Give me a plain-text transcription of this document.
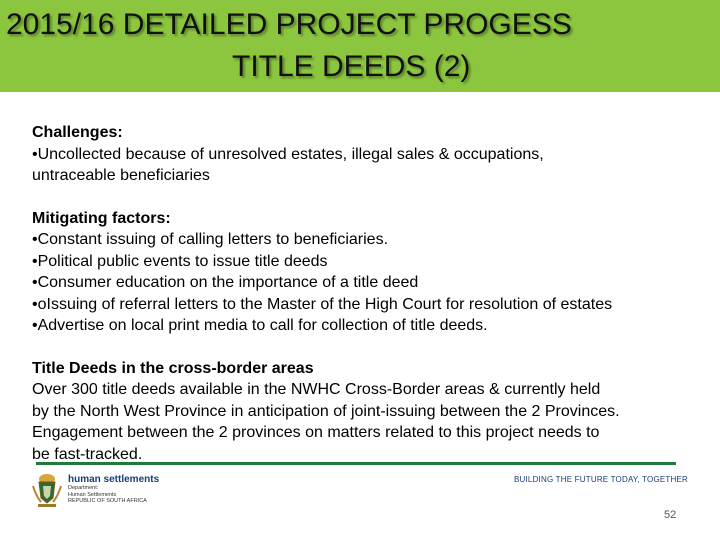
2015/16 DETAILED PROJECT PROGESS
TITLE DEEDS (2)
Challenges:
•Uncollected because of unresolved estates, illegal sales & occupations,
untraceable beneficiaries
Mitigating factors:
•Constant issuing of calling letters to beneficiaries.
•Political public events to issue title deeds
•Consumer education on the importance of a title deed
•oIssuing of referral letters to the Master of the High Court for resolution of estates
•Advertise on local print media to call for collection of title deeds.
Title Deeds in the cross-border areas
Over 300 title deeds available in the NWHC Cross-Border areas & currently held
by the North West Province in anticipation of joint-issuing between the 2 Provinces.
Engagement between the 2 provinces on matters related to this project needs to
be fast-tracked.
human settlements
Department:
Human Settlements
REPUBLIC OF SOUTH AFRICA
BUILDING THE FUTURE TODAY, TOGETHER
52
